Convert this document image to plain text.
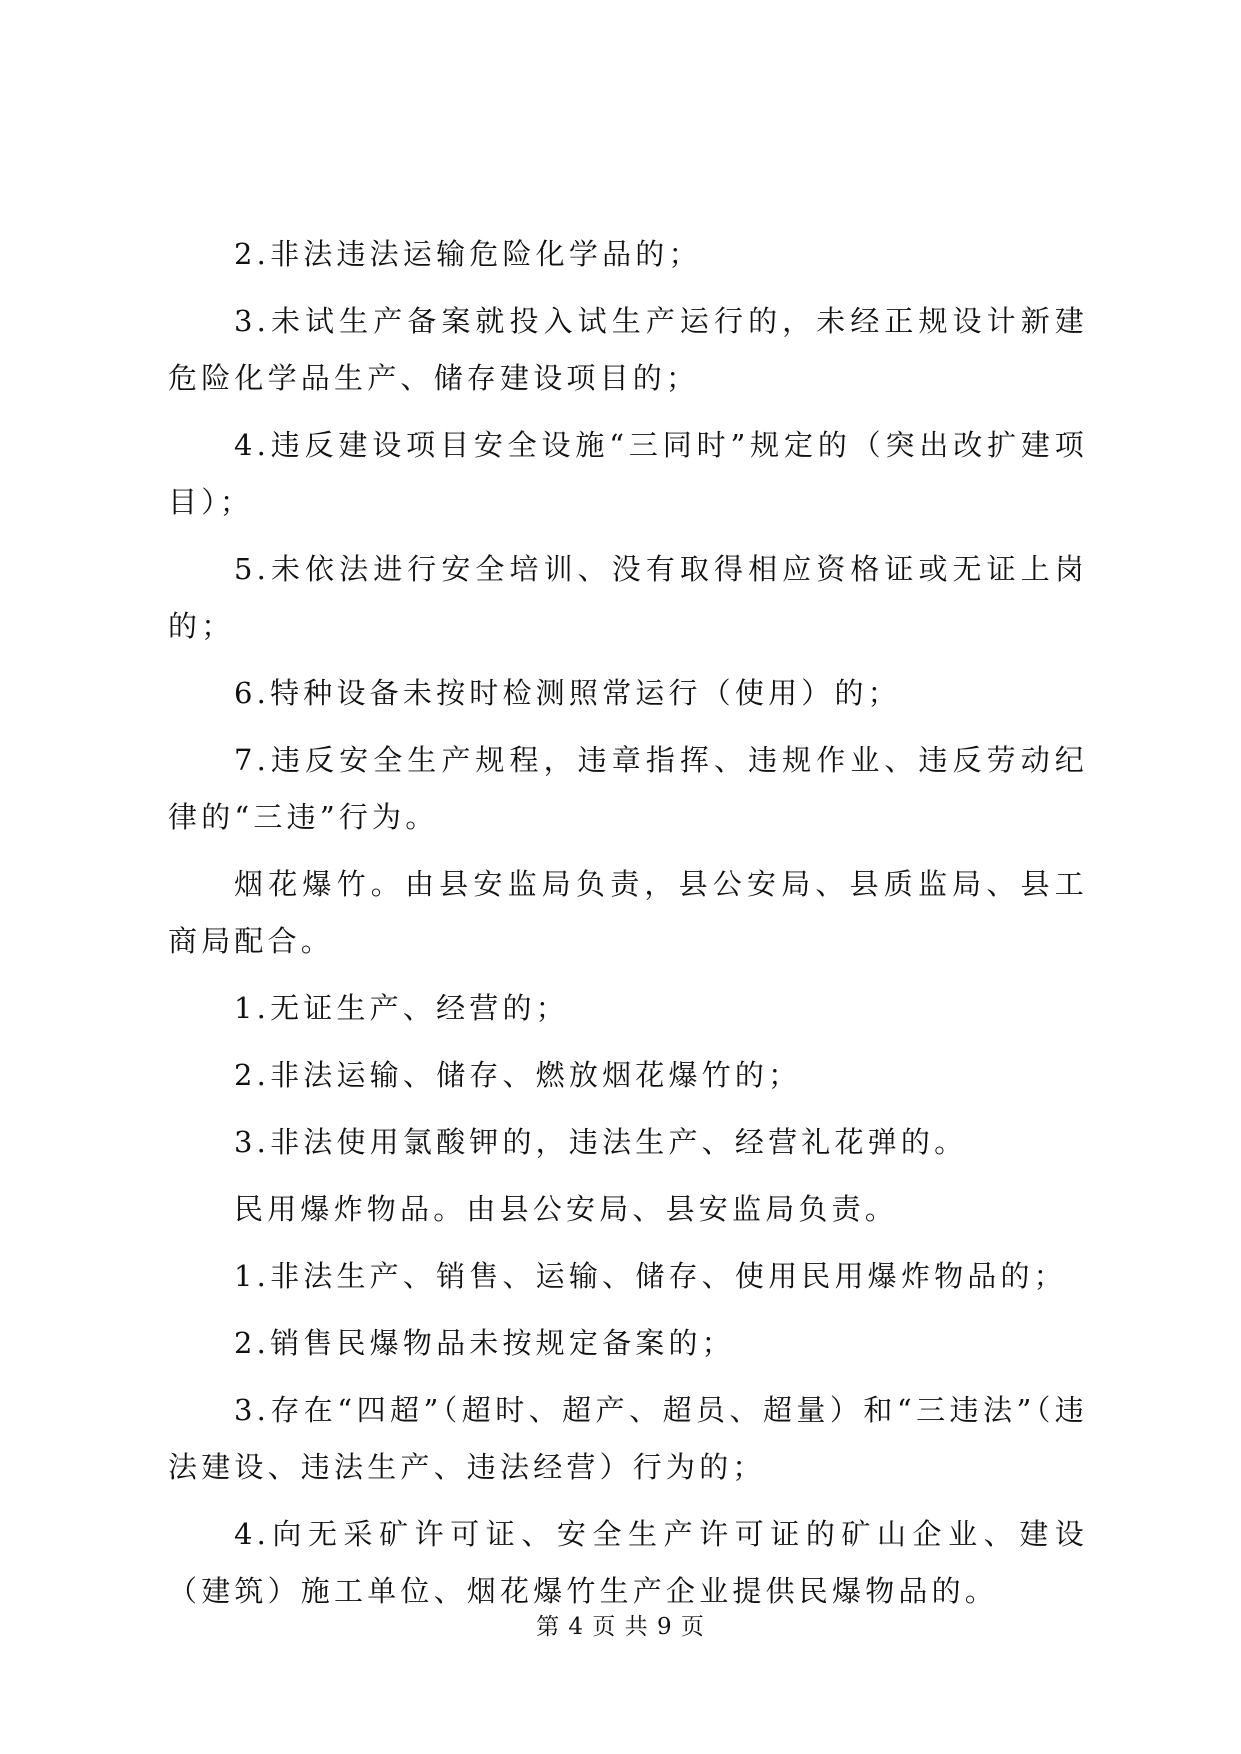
2.非法违法运输危险化学品的；

3.未试生产备案就投入试生产运行的，未经正规设计新建危险化学品生产、储存建设项目的；

4.违反建设项目安全设施“三同时”规定的（突出改扩建项目）；

5.未依法进行安全培训、没有取得相应资格证或无证上岗的；

6.特种设备未按时检测照常运行（使用）的；

7.违反安全生产规程，违章指挥、违规作业、违反劳动纪律的“三违”行为。

烟花爆竹。由县安监局负责，县公安局、县质监局、县工商局配合。

1.无证生产、经营的；

2.非法运输、储存、燃放烟花爆竹的；

3.非法使用氯酸钾的，违法生产、经营礼花弹的。

民用爆炸物品。由县公安局、县安监局负责。

1.非法生产、销售、运输、储存、使用民用爆炸物品的；

2.销售民爆物品未按规定备案的；

3.存在“四超”（超时、超产、超员、超量）和“三违法”（违法建设、违法生产、违法经营）行为的；

4.向无采矿许可证、安全生产许可证的矿山企业、建设（建筑）施工单位、烟花爆竹生产企业提供民爆物品的。

第 4 页 共 9 页
